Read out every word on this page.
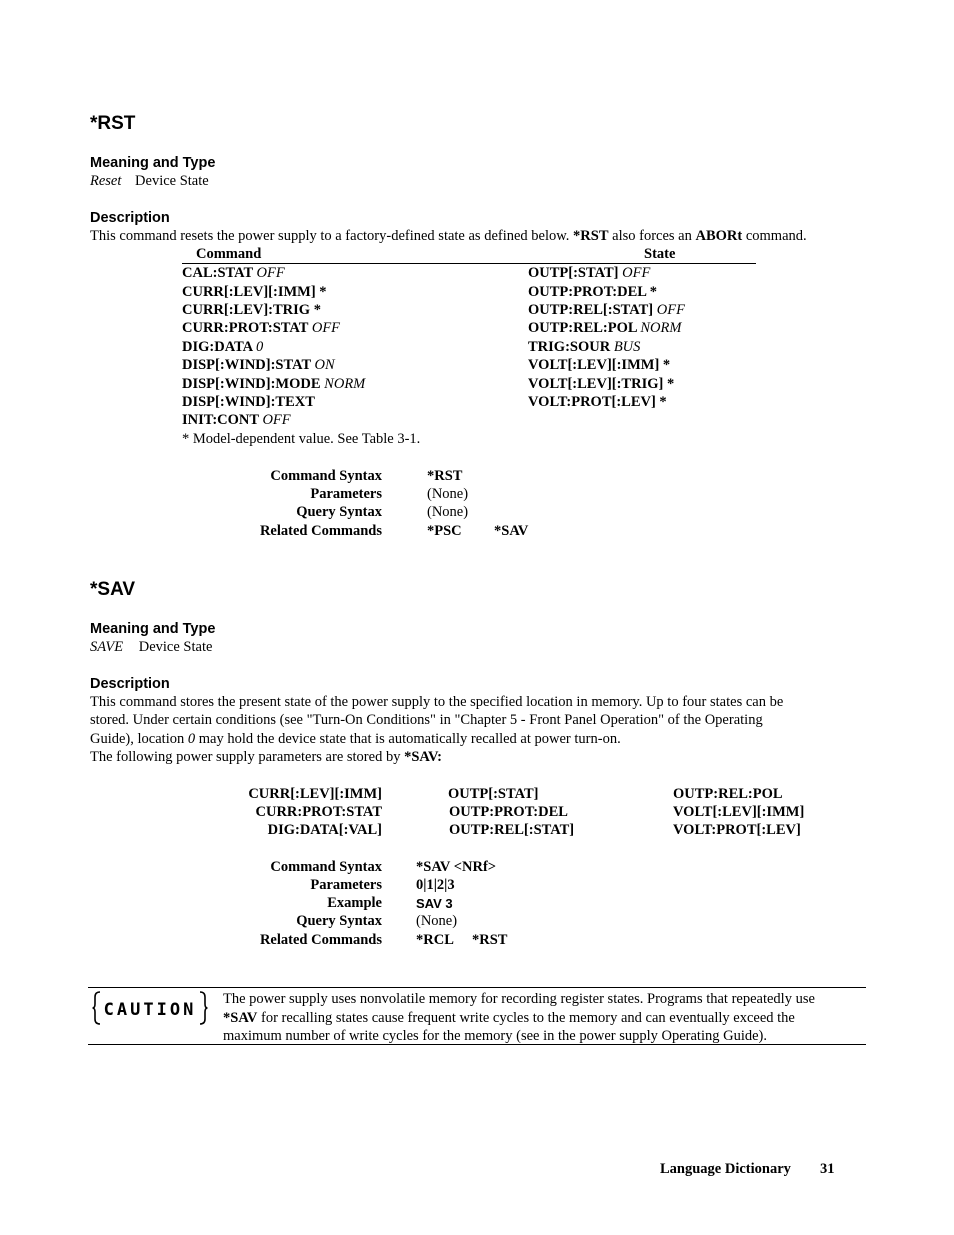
*RST
Meaning and Type
Reset Device State
Description
This command resets the power supply to a factory-defined state as defined below. *RST also forces an ABORt command.
Command	State
CAL:STAT OFF
CURR[:LEV][:IMM] *
CURR[:LEV]:TRIG *
CURR:PROT:STAT OFF
DIG:DATA 0
DISP[:WIND]:STAT ON
DISP[:WIND]:MODE NORM
DISP[:WIND]:TEXT
INIT:CONT OFF
OUTP[:STAT] OFF
OUTP:PROT:DEL *
OUTP:REL[:STAT] OFF
OUTP:REL:POL NORM
TRIG:SOUR BUS
VOLT[:LEV][:IMM] *
VOLT[:LEV][:TRIG] *
VOLT:PROT[:LEV] *
* Model-dependent value. See Table 3-1.
Command Syntax
Parameters
Query Syntax
Related Commands
*RST
(None)
(None)
*PSC *SAV
*SAV
Meaning and Type
SAVE Device State
Description
This command stores the present state of the power supply to the specified location in memory. Up to four states can be
stored. Under certain conditions (see "Turn-On Conditions" in "Chapter 5 - Front Panel Operation" of the Operating
Guide), location 0 may hold the device state that is automatically recalled at power turn-on.
The following power supply parameters are stored by *SAV:
CURR[:LEV][:IMM]
CURR:PROT:STAT
DIG:DATA[:VAL]
OUTP[:STAT]
OUTP:PROT:DEL
OUTP:REL[:STAT]
OUTP:REL:POL
VOLT[:LEV][:IMM]
VOLT:PROT[:LEV]
Command Syntax
Parameters
Example
Query Syntax
Related Commands
*SAV <NRf>
0|1|2|3
SAV 3
(None)
*RCL *RST
CAUTION
The power supply uses nonvolatile memory for recording register states. Programs that repeatedly use
*SAV for recalling states cause frequent write cycles to the memory and can eventually exceed the
maximum number of write cycles for the memory (see in the power supply Operating Guide).
Language Dictionary 31
